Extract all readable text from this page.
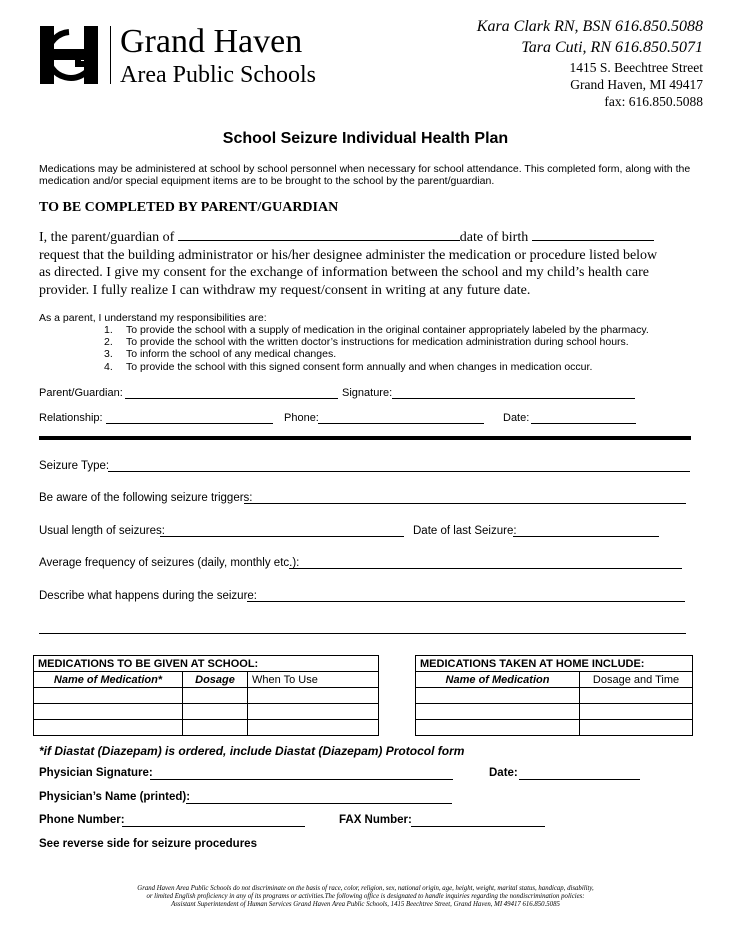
Grand Haven
Area Public Schools
Kara Clark RN, BSN 616.850.5088
Tara Cuti, RN 616.850.5071
1415 S. Beechtree Street
Grand Haven, MI 49417
fax: 616.850.5088
School Seizure Individual Health Plan
Medications may be administered at school by school personnel when necessary for school attendance. This completed form, along with the medication and/or special equipment items are to be brought to the school by the parent/guardian.
TO BE COMPLETED BY PARENT/GUARDIAN
I, the parent/guardian of	date of birth
request that the building administrator or his/her designee administer the medication or procedure listed below
as directed. I give my consent for the exchange of information between the school and my child’s health care
provider. I fully realize I can withdraw my request/consent in writing at any future date.
As a parent, I understand my responsibilities are:
1. To provide the school with a supply of medication in the original container appropriately labeled by the pharmacy.
2. To provide the school with the written doctor’s instructions for medication administration during school hours.
3. To inform the school of any medical changes.
4. To provide the school with this signed consent form annually and when changes in medication occur.
Parent/Guardian:	Signature:
Relationship:	Phone:	Date:
Seizure Type:
Be aware of the following seizure triggers:
Usual length of seizures:	Date of last Seizure:
Average frequency of seizures (daily, monthly etc.):
Describe what happens during the seizure:
MEDICATIONS TO BE GIVEN AT SCHOOL:		
Name of Medication*	Dosage	When To Use

MEDICATIONS TAKEN AT HOME INCLUDE:	
Name of Medication	Dosage and Time

*if Diastat (Diazepam) is ordered, include Diastat (Diazepam) Protocol form
Physician Signature:	Date:
Physician’s Name (printed):
Phone Number:	FAX Number:
See reverse side for seizure procedures
Grand Haven Area Public Schools do not discriminate on the basis of race, color, religion, sex, national origin, age, height, weight, marital status, handicap, disability,
or limited English proficiency in any of its programs or activities.The following office is designated to handle inquiries regarding the nondiscrimination policies:
Assistant Superintendent of Human Services Grand Haven Area Public Schools, 1415 Beechtree Street, Grand Haven, MI 49417 616.850.5085
